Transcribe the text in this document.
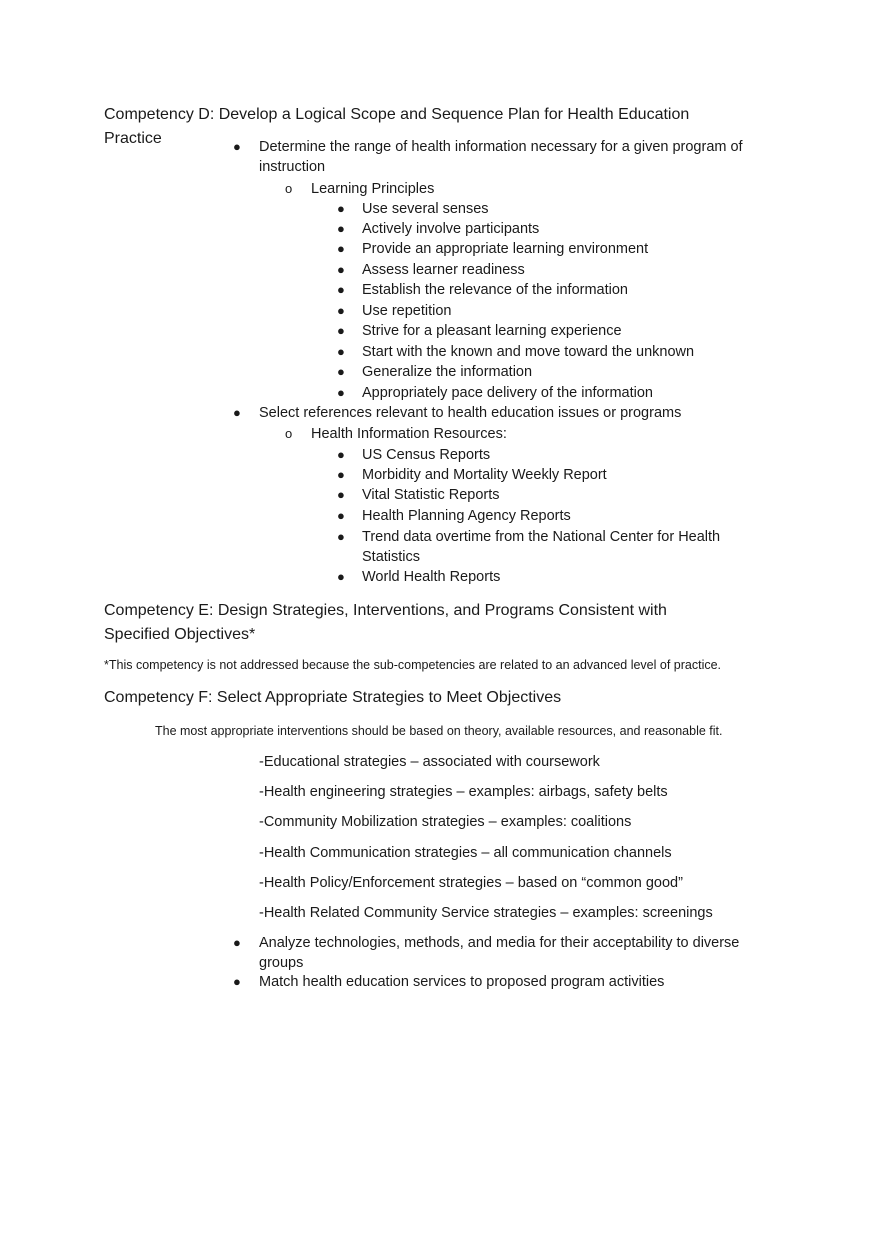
Competency D: Develop a Logical Scope and Sequence Plan for Health Education Practice	● Determine the range of health information necessary for a given program of instruction
o Learning Principles
● Use several senses
● Actively involve participants
● Provide an appropriate learning environment
● Assess learner readiness
● Establish the relevance of the information
● Use repetition
● Strive for a pleasant learning experience
● Start with the known and move toward the unknown
● Generalize the information
● Appropriately pace delivery of the information
● Select references relevant to health education issues or programs
o Health Information Resources:
● US Census Reports
● Morbidity and Mortality Weekly Report
● Vital Statistic Reports
● Health Planning Agency Reports
● Trend data overtime from the National Center for Health Statistics
● World Health Reports
Competency E: Design Strategies, Interventions, and Programs Consistent with Specified Objectives*
*This competency is not addressed because the sub-competencies are related to an advanced level of practice.
Competency F: Select Appropriate Strategies to Meet Objectives
The most appropriate interventions should be based on theory, available resources, and reasonable fit.
-Educational strategies – associated with coursework
-Health engineering strategies – examples: airbags, safety belts
-Community Mobilization strategies – examples: coalitions
-Health Communication strategies – all communication channels
-Health Policy/Enforcement strategies – based on “common good”
-Health Related Community Service strategies – examples: screenings
● Analyze technologies, methods, and media for their acceptability to diverse groups
● Match health education services to proposed program activities
